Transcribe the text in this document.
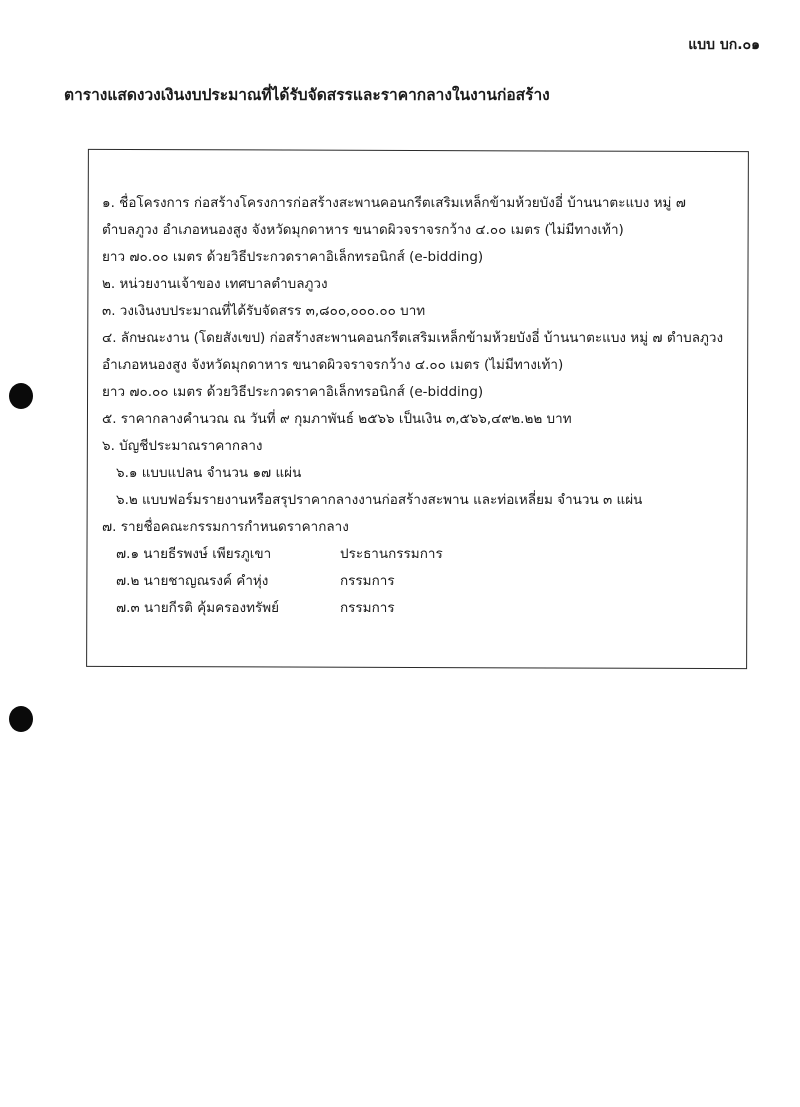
แบบ บก.๐๑
ตารางแสดงวงเงินงบประมาณที่ได้รับจัดสรรและราคากลางในงานก่อสร้าง
๑. ชื่อโครงการ ก่อสร้างโครงการก่อสร้างสะพานคอนกรีตเสริมเหล็กข้ามห้วยบังอี่ บ้านนาตะแบง หมู่ ๗
ตำบลภูวง อำเภอหนองสูง จังหวัดมุกดาหาร ขนาดผิวจราจรกว้าง ๔.๐๐ เมตร (ไม่มีทางเท้า)
ยาว ๗๐.๐๐ เมตร ด้วยวิธีประกวดราคาอิเล็กทรอนิกส์ (e-bidding)
๒. หน่วยงานเจ้าของ เทศบาลตำบลภูวง
๓. วงเงินงบประมาณที่ได้รับจัดสรร ๓,๘๐๐,๐๐๐.๐๐ บาท
๔. ลักษณะงาน (โดยสังเขป) ก่อสร้างสะพานคอนกรีตเสริมเหล็กข้ามห้วยบังอี่ บ้านนาตะแบง หมู่ ๗ ตำบลภูวง
อำเภอหนองสูง จังหวัดมุกดาหาร ขนาดผิวจราจรกว้าง ๔.๐๐ เมตร (ไม่มีทางเท้า)
ยาว ๗๐.๐๐ เมตร ด้วยวิธีประกวดราคาอิเล็กทรอนิกส์ (e-bidding)
๕. ราคากลางคำนวณ ณ วันที่ ๙ กุมภาพันธ์ ๒๕๖๖ เป็นเงิน ๓,๕๖๖,๔๙๒.๒๒ บาท
๖. บัญชีประมาณราคากลาง
๖.๑ แบบแปลน จำนวน ๑๗ แผ่น
๖.๒ แบบฟอร์มรายงานหรือสรุปราคากลางงานก่อสร้างสะพาน และท่อเหลี่ยม จำนวน ๓ แผ่น
๗. รายชื่อคณะกรรมการกำหนดราคากลาง
๗.๑ นายธีรพงษ์ เพียรภูเขา	ประธานกรรมการ
๗.๒ นายชาญณรงค์ คำหุ่ง	กรรมการ
๗.๓ นายกีรติ คุ้มครองทรัพย์	กรรมการ
